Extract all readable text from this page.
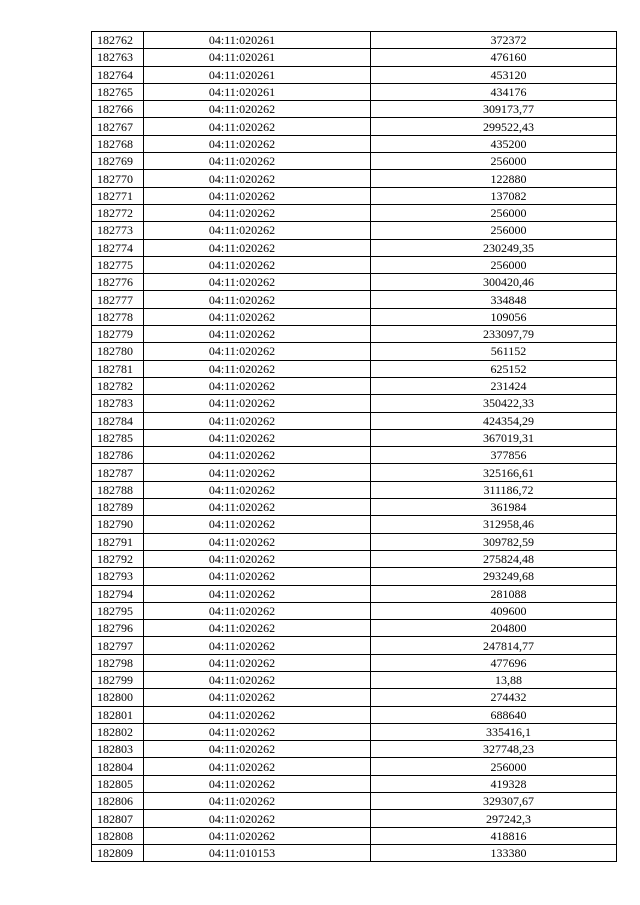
182762	04:11:020261	372372
182763	04:11:020261	476160
182764	04:11:020261	453120
182765	04:11:020261	434176
182766	04:11:020262	309173,77
182767	04:11:020262	299522,43
182768	04:11:020262	435200
182769	04:11:020262	256000
182770	04:11:020262	122880
182771	04:11:020262	137082
182772	04:11:020262	256000
182773	04:11:020262	256000
182774	04:11:020262	230249,35
182775	04:11:020262	256000
182776	04:11:020262	300420,46
182777	04:11:020262	334848
182778	04:11:020262	109056
182779	04:11:020262	233097,79
182780	04:11:020262	561152
182781	04:11:020262	625152
182782	04:11:020262	231424
182783	04:11:020262	350422,33
182784	04:11:020262	424354,29
182785	04:11:020262	367019,31
182786	04:11:020262	377856
182787	04:11:020262	325166,61
182788	04:11:020262	311186,72
182789	04:11:020262	361984
182790	04:11:020262	312958,46
182791	04:11:020262	309782,59
182792	04:11:020262	275824,48
182793	04:11:020262	293249,68
182794	04:11:020262	281088
182795	04:11:020262	409600
182796	04:11:020262	204800
182797	04:11:020262	247814,77
182798	04:11:020262	477696
182799	04:11:020262	13,88
182800	04:11:020262	274432
182801	04:11:020262	688640
182802	04:11:020262	335416,1
182803	04:11:020262	327748,23
182804	04:11:020262	256000
182805	04:11:020262	419328
182806	04:11:020262	329307,67
182807	04:11:020262	297242,3
182808	04:11:020262	418816
182809	04:11:010153	133380
